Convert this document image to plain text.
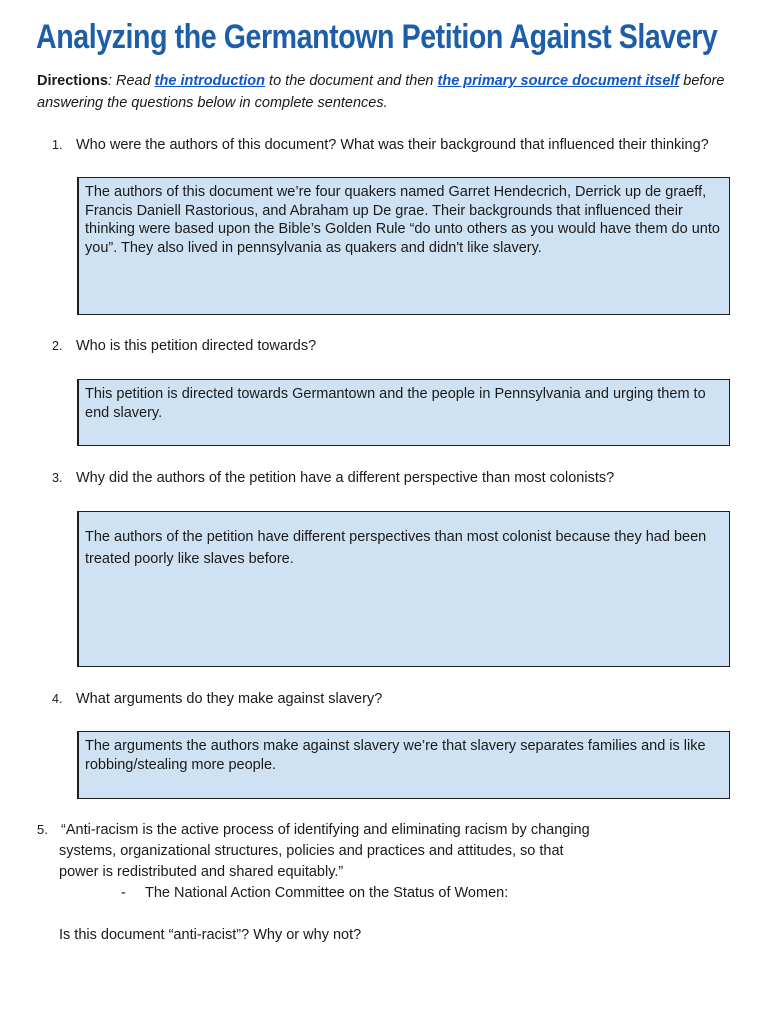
Analyzing the Germantown Petition Against Slavery
Directions: Read the introduction to the document and then the primary source document itself before answering the questions below in complete sentences.
1. Who were the authors of this document? What was their background that influenced their thinking?
The authors of this document we’re four quakers named Garret Hendecrich, Derrick up de graeff, Francis Daniell Rastorious, and Abraham up De grae. Their backgrounds that influenced their thinking were based upon the Bible’s Golden Rule “do unto others as you would have them do unto you”. They also lived in pennsylvania as quakers and didn't like slavery.
2. Who is this petition directed towards?
This petition is directed towards Germantown and the people in Pennsylvania and urging them to end slavery.
3. Why did the authors of the petition have a different perspective than most colonists?
The authors of the petition have different perspectives than most colonist because they had been treated poorly like slaves before.
4. What arguments do they make against slavery?
The arguments the authors make against slavery we’re that slavery separates families and is like robbing/stealing more people.
5. “Anti-racism is the active process of identifying and eliminating racism by changing
systems, organizational structures, policies and practices and attitudes, so that
power is redistributed and shared equitably.”
- The National Action Committee on the Status of Women:
Is this document “anti-racist”? Why or why not?
